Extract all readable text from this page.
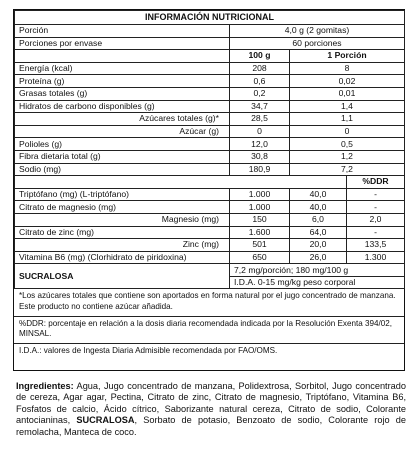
INFORMACIÓN NUTRICIONAL			
Porción	4,0 g (2 gomitas)		
Porciones por envase	60 porciones		
	100 g	1 Porción	
Energía (kcal)	208	8	
Proteína (g)	0,6	0,02	
Grasas totales (g)	0,2	0,01	
Hidratos de carbono disponibles (g)	34,7	1,4	
Azúcares totales (g)*	28,5	1,1	
Azúcar (g)	0	0	
Polioles (g)	12,0	0,5	
Fibra dietaria total (g)	30,8	1,2	
Sodio (mg)	180,9	7,2	
			%DDR
Triptófano (mg) (L-triptófano)	1.000	40,0	-
Citrato de magnesio (mg)	1.000	40,0	-
Magnesio (mg)	150	6,0	2,0
Citrato de zinc (mg)	1.600	64,0	-
Zinc (mg)	501	20,0	133,5
Vitamina B6 (mg) (Clorhidrato de piridoxina)	650	26,0	1.300
SUCRALOSA	7,2 mg/porción; 180 mg/100 g		
	I.D.A. 0-15 mg/kg peso corporal		

*Los azúcares totales que contiene son aportados en forma natural por el jugo concentrado de manzana. Este producto no contiene azúcar añadida.

%DDR: porcentaje en relación a la dosis diaria recomendada indicada por la Resolución Exenta 394/02, MINSAL.

I.D.A.: valores de Ingesta Diaria Admisible recomendada por FAO/OMS.

Ingredientes: Agua, Jugo concentrado de manzana, Polidextrosa, Sorbitol, Jugo concentrado de cereza, Agar agar, Pectina, Citrato de zinc, Citrato de magnesio, Triptófano, Vitamina B6, Fosfatos de calcio, Ácido cítrico, Saborizante natural cereza, Citrato de sodio, Colorante antocianinas, SUCRALOSA, Sorbato de potasio, Benzoato de sodio, Colorante rojo de remolacha, Manteca de coco.
